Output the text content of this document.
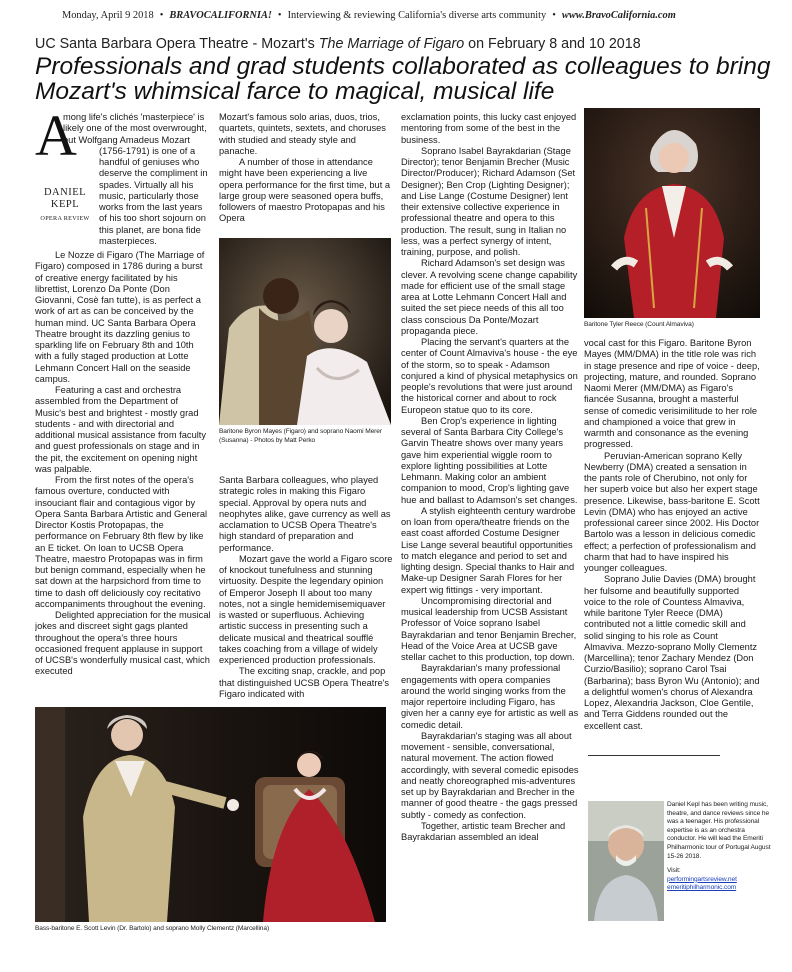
Monday, April 9 2018 • BRAVOCALIFORNIA! • Interviewing & reviewing California's diverse arts community • www.BravoCalifornia.com
UC Santa Barbara Opera Theatre - Mozart's The Marriage of Figaro on February 8 and 10 2018
Professionals and grad students collaborated as colleagues to bring Mozart's whimsical farce to magical, musical life
A
DANIEL
KEPL
OPERA REVIEW

mong life's clichés 'masterpiece' is likely one of the most overwrought, but Wolfgang Amadeus Mozart (1756-1791) is one of a handful of geniuses who deserve the compliment in spades. Virtually all his music, particularly those works from the last years of his too short sojourn on this planet, are bona fide masterpieces.

Le Nozze di Figaro (The Marriage of Figaro) composed in 1786 during a burst of creative energy facilitated by his librettist, Lorenzo Da Ponte (Don Giovanni, Cosè fan tutte), is as perfect a work of art as can be conceived by the human mind. UC Santa Barbara Opera Theatre brought its dazzling genius to sparkling life on February 8th and 10th with a fully staged production at Lotte Lehmann Concert Hall on the seaside campus.

Featuring a cast and orchestra assembled from the Department of Music's best and brightest - mostly grad students - and with directorial and additional musical assistance from faculty and guest professionals on stage and in the pit, the excitement on opening night was palpable.

From the first notes of the opera's famous overture, conducted with insouciant flair and contagious vigor by Opera Santa Barbara Artistic and General Director Kostis Protopapas, the performance on February 8th flew by like an E ticket. On loan to UCSB Opera Theatre, maestro Protopapas was in firm but benign command, especially when he sat down at the harpsichord from time to time to dash off deliciously coy recitativo accompaniments throughout the evening.

Delighted appreciation for the musical jokes and discreet sight gags planted throughout the opera's three hours occasioned frequent applause in support of UCSB's wonderfully musical cast, which executed

Mozart's famous solo arias, duos, trios, quartets, quintets, sextets, and choruses with studied and steady style and panache.

A number of those in attendance might have been experiencing a live opera performance for the first time, but a large group were seasoned opera buffs, followers of maestro Protopapas and his Opera

Baritone Byron Mayes (Figaro) and soprano Naomi Merer (Susanna) - Photos by Matt Perko

Santa Barbara colleagues, who played strategic roles in making this Figaro special. Approval by opera nuts and neophytes alike, gave currency as well as acclamation to UCSB Opera Theatre's high standard of preparation and performance.

Mozart gave the world a Figaro score of knockout tunefulness and stunning virtuosity. Despite the legendary opinion of Emperor Joseph II about too many notes, not a single hemidemisemiquaver is wasted or superfluous. Achieving artistic success in presenting such a delicate musical and theatrical soufflé takes coaching from a village of widely experienced production professionals.

The exciting snap, crackle, and pop that distinguished UCSB Opera Theatre's Figaro indicated with

exclamation points, this lucky cast enjoyed mentoring from some of the best in the business.

Soprano Isabel Bayrakdarian (Stage Director); tenor Benjamin Brecher (Music Director/Producer); Richard Adamson (Set Designer); Ben Crop (Lighting Designer); and Lise Lange (Costume Designer) lent their extensive collective experience in professional theatre and opera to this production. The result, sung in Italian no less, was a perfect synergy of intent, training, purpose, and polish.

Richard Adamson's set design was clever. A revolving scene change capability made for efficient use of the small stage area at Lotte Lehmann Concert Hall and suited the set piece needs of this all too class conscious Da Ponte/Mozart propaganda piece.

Placing the servant's quarters at the center of Count Almaviva's house - the eye of the storm, so to speak - Adamson conjured a kind of physical metaphysics on people's revolutions that were just around the historical corner and about to rock Europeon statue quo to its core.

Ben Crop's experience in lighting several of Santa Barbara City College's Garvin Theatre shows over many years gave him experiential wiggle room to explore lighting possibilities at Lotte Lehmann. Making color an ambient companion to mood, Crop's lighting gave hue and ballast to Adamson's set changes.

A stylish eighteenth century wardrobe on loan from opera/theatre friends on the east coast afforded Costume Designer Lise Lange several beautiful opportunities to match elegance and period to set and lighting design. Special thanks to Hair and Make-up Designer Sarah Flores for her expert wig fittings - very important.

Uncompromising directorial and musical leadership from UCSB Assistant Professor of Voice soprano Isabel Bayrakdarian and tenor Benjamin Brecher, Head of the Voice Area at UCSB gave stellar cachet to this production, top down.

Bayrakdarian's many professional engagements with opera companies around the world singing works from the major repertoire including Figaro, has given her a canny eye for artistic as well as comedic detail.

Bayrakdarian's staging was all about movement - sensible, conversational, natural movement. The action flowed accordingly, with several comedic episodes and neatly choreographed mis-adventures set up by Bayrakdarian and Brecher in the manner of good theatre - the gags pressed subtly - comedy as confection.

Together, artistic team Brecher and Bayrakdarian assembled an ideal

Baritone Tyler Reece (Count Almaviva)

vocal cast for this Figaro. Baritone Byron Mayes (MM/DMA) in the title role was rich in stage presence and ripe of voice - deep, projecting, mature, and rounded. Soprano Naomi Merer (MM/DMA) as Figaro's fiancée Susanna, brought a masterful sense of comedic verisimilitude to her role and championed a voice that grew in warmth and consonance as the evening progressed.

Peruvian-American soprano Kelly Newberry (DMA) created a sensation in the pants role of Cherubino, not only for her superb voice but also her expert stage presence. Likewise, bass-baritone E. Scott Levin (DMA) who has enjoyed an active professional career since 2002. His Doctor Bartolo was a lesson in delicious comedic effect; a perfection of professionalism and charm that had to have inspired his younger colleagues.

Soprano Julie Davies (DMA) brought her fulsome and beautifully supported voice to the role of Countess Almaviva, while baritone Tyler Reece (DMA) contributed not a little comedic skill and solid singing to his role as Count Almaviva. Mezzo-soprano Molly Clementz (Marcellina); tenor Zachary Mendez (Don Curzio/Basilio); soprano Carol Tsai (Barbarina); bass Byron Wu (Antonio); and a delightful women's chorus of Alexandra Lopez, Alexandria Jackson, Cloe Gentile, and Terra Giddens rounded out the excellent cast.

Bass-baritone E. Scott Levin (Dr. Bartolo) and soprano Molly Clementz (Marcellina)
Daniel Kepl has been writing music, theatre, and dance reviews since he was a teenager. His professional expertise is as an orchestra conductor. He will lead the Emeriti Philharmonic tour of Portugal August 15-26 2018.
Visit:
performingartsreview.net
emeritiphilharmonic.com
